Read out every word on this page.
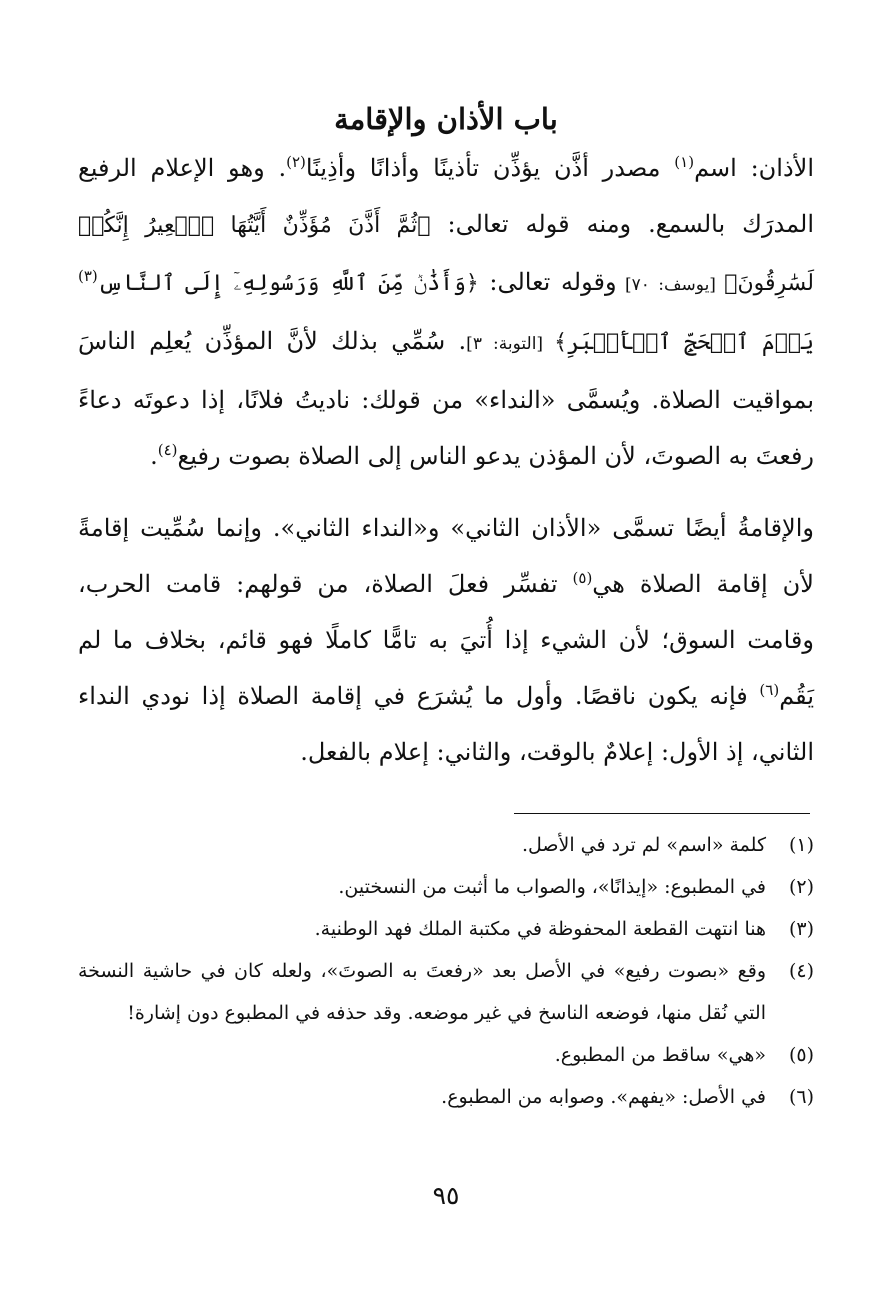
باب الأذان والإقامة

الأذان: اسم$^{(١)}$ مصدر أذَّن يؤذِّن تأذينًا وأذانًا وأذِينًا$^{(٢)}$. وهو الإعلام الرفيع المدرَك بالسمع. ومنه قوله تعالى: ﴿ثُمَّ أَذَّنَ مُؤَذِّنٌ أَيَّتُهَا ٱلۡعِيرُ إِنَّكُمۡ لَسَٰرِقُونَ﴾ [يوسف: ٧٠] وقوله تعالى: ﴿وَأَذَٰنٞ مِّنَ ٱللَّهِ وَرَسُولِهِۦٓ إِلَى ٱلنَّاسِ$^{(٣)}$ يَوۡمَ ٱلۡحَجِّ ٱلۡأَكۡبَرِ﴾ [التوبة: ٣]. سُمِّي بذلك لأنَّ المؤذِّن يُعلِم الناسَ بمواقيت الصلاة. ويُسمَّى «النداء» من قولك: ناديتُ فلانًا، إذا دعوتَه دعاءً رفعتَ به الصوتَ، لأن المؤذن يدعو الناس إلى الصلاة بصوت رفيع$^{(٤)}$.

والإقامةُ أيضًا تسمَّى «الأذان الثاني» و«النداء الثاني». وإنما سُمِّيت إقامةً لأن إقامة الصلاة هي$^{(٥)}$ تفسِّر فعلَ الصلاة، من قولهم: قامت الحرب، وقامت السوق؛ لأن الشيء إذا أُتيَ به تامًّا كاملًا فهو قائم، بخلاف ما لم يَقُم$^{(٦)}$ فإنه يكون ناقصًا. وأول ما يُشرَع في إقامة الصلاة إذا نودي النداء الثاني، إذ الأول: إعلامٌ بالوقت، والثاني: إعلام بالفعل.

(١)
كلمة «اسم» لم ترد في الأصل.
(٢)
في المطبوع: «إيذانًا»، والصواب ما أثبت من النسختين.
(٣)
هنا انتهت القطعة المحفوظة في مكتبة الملك فهد الوطنية.
(٤)
وقع «بصوت رفيع» في الأصل بعد «رفعتَ به الصوتَ»، ولعله كان في حاشية النسخة التي نُقل منها، فوضعه الناسخ في غير موضعه. وقد حذفه في المطبوع دون إشارة!
(٥)
«هي» ساقط من المطبوع.
(٦)
في الأصل: «يفهم». وصوابه من المطبوع.
٩٥
